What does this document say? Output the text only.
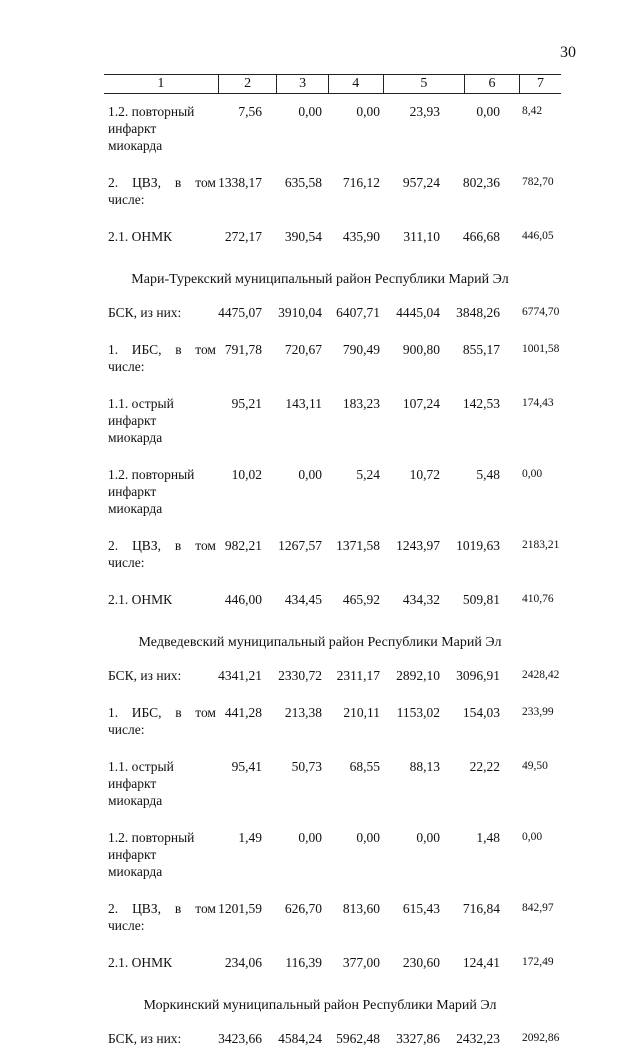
30
1	2	3	4	5	6	7
1.2. повторный
инфаркт
миокарда
7,56	0,00	0,00 23,93	0,00 8,42
2. ЦВЗ, в том
числе:
1338,17 635,58 716,12 957,24 802,36 782,70
2.1. ОНМК	272,17 390,54 435,90 311,10 466,68 446,05
Мари-Турекский муниципальный район Республики Марий Эл
БСК, из них:	4475,07 3910,04 6407,71 4445,04 3848,26 6774,70
1. ИБС, в том
числе:
791,78 720,67 790,49 900,80 855,17 1001,58
1.1. острый
инфаркт
миокарда
95,21 143,11 183,23 107,24 142,53 174,43
1.2. повторный
инфаркт
миокарда
10,02	0,00	5,24 10,72	5,48 0,00
2. ЦВЗ, в том
числе:
982,21 1267,57 1371,58 1243,97 1019,63 2183,21
2.1. ОНМК	446,00 434,45 465,92 434,32 509,81 410,76
Медведевский муниципальный район Республики Марий Эл
БСК, из них:	4341,21 2330,72 2311,17 2892,10 3096,91 2428,42
1. ИБС, в том
числе:
441,28 213,38 210,11 1153,02 154,03 233,99
1.1. острый
инфаркт
миокарда
95,41 50,73 68,55 88,13 22,22 49,50
1.2. повторный
инфаркт
миокарда
1,49	0,00	0,00	0,00	1,48 0,00
2. ЦВЗ, в том
числе:
1201,59 626,70 813,60 615,43 716,84 842,97
2.1. ОНМК	234,06 116,39 377,00 230,60 124,41 172,49
Моркинский муниципальный район Республики Марий Эл
БСК, из них:	3423,66 4584,24 5962,48 3327,86 2432,23 2092,86
